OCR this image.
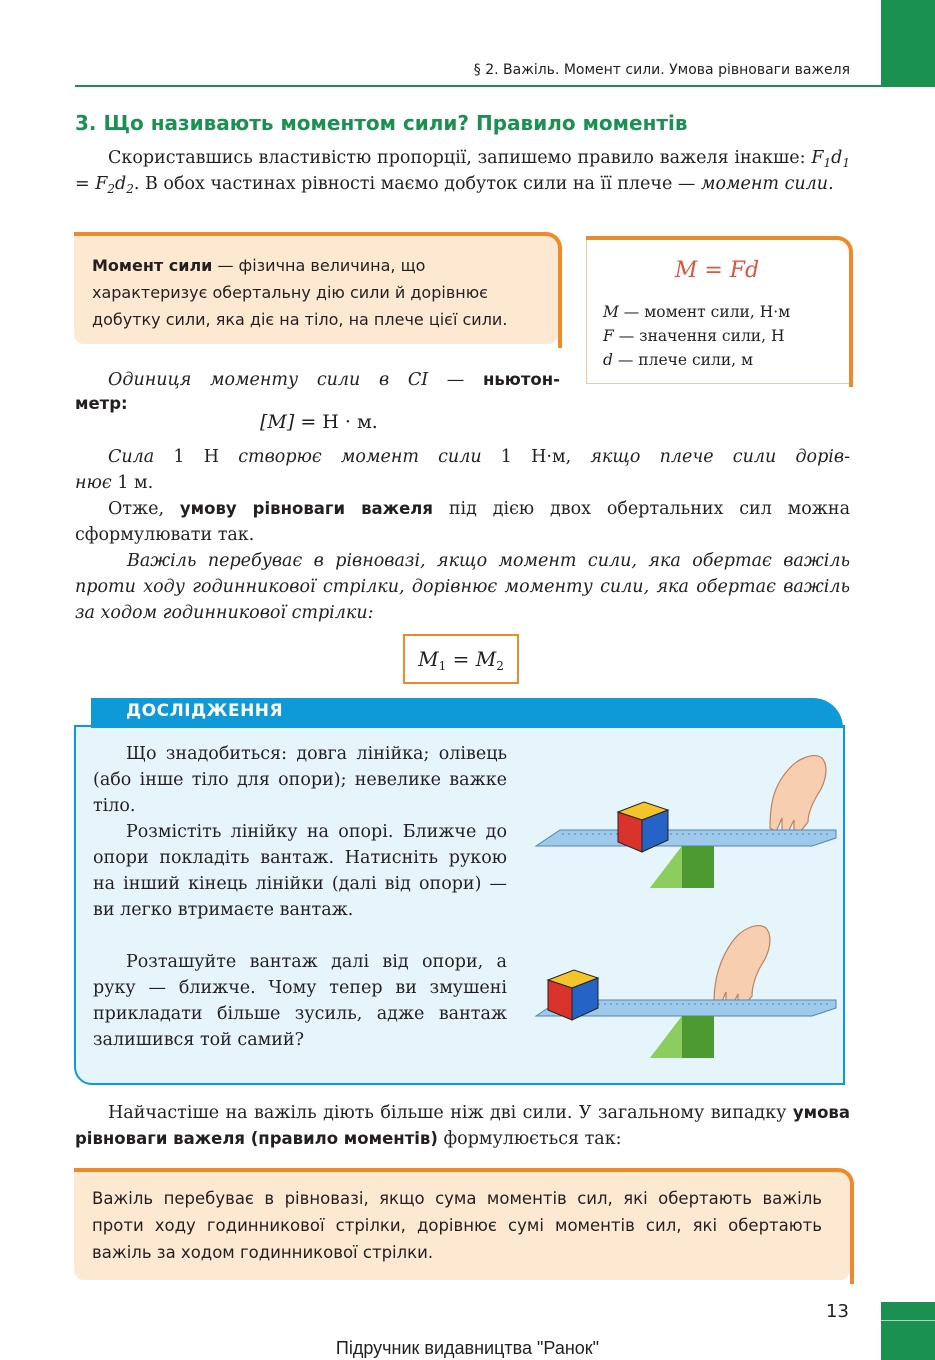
§ 2. Важіль. Момент сили. Умова рівноваги важеля
3. Що називають моментом сили? Правило моментів
Скориставшись властивістю пропорції, запишемо правило важеля інакше: $F_1d_1 = F_2d_2$. В обох частинах рівності маємо добуток сили на її плече — момент сили.
Момент сили — фізична величина, що характеризує обертальну дію сили й дорівнює добутку сили, яка діє на тіло, на плече цієї сили.
M = Fd
M — момент сили, Н·м
F — значення сили, Н
d — плече сили, м
Одиниця моменту сили в СІ — ньютон-
метр:
[M] = Н · м.
Сила 1 Н створює момент сили 1 Н·м, якщо плече сили дорів-
нює 1 м.
Отже, умову рівноваги важеля під дією двох обертальних сил можна сформулювати так.
Важіль перебуває в рівновазі, якщо момент сили, яка обертає важіль проти ходу годинникової стрілки, дорівнює моменту сили, яка обертає важіль за ходом годинникової стрілки:
$M_1 = M_2$
ДОСЛІДЖЕННЯ
Що знадобиться: довга лінійка; олівець (або інше тіло для опори); невелике важке тіло.
Розмістіть лінійку на опорі. Ближче до опори покладіть вантаж. Натисніть рукою на інший кінець лінійки (далі від опори) — ви легко втримаєте вантаж.
Розташуйте вантаж далі від опори, а руку — ближче. Чому тепер ви змушені прикладати більше зусиль, адже вантаж залишився той самий?
Найчастіше на важіль діють більше ніж дві сили. У загальному випадку умова рівноваги важеля (правило моментів) формулюється так:
Важіль перебуває в рівновазі, якщо сума моментів сил, які обертають важіль проти ходу годинникової стрілки, дорівнює сумі моментів сил, які обертають важіль за ходом годинникової стрілки.
13
Підручник видавництва "Ранок"
